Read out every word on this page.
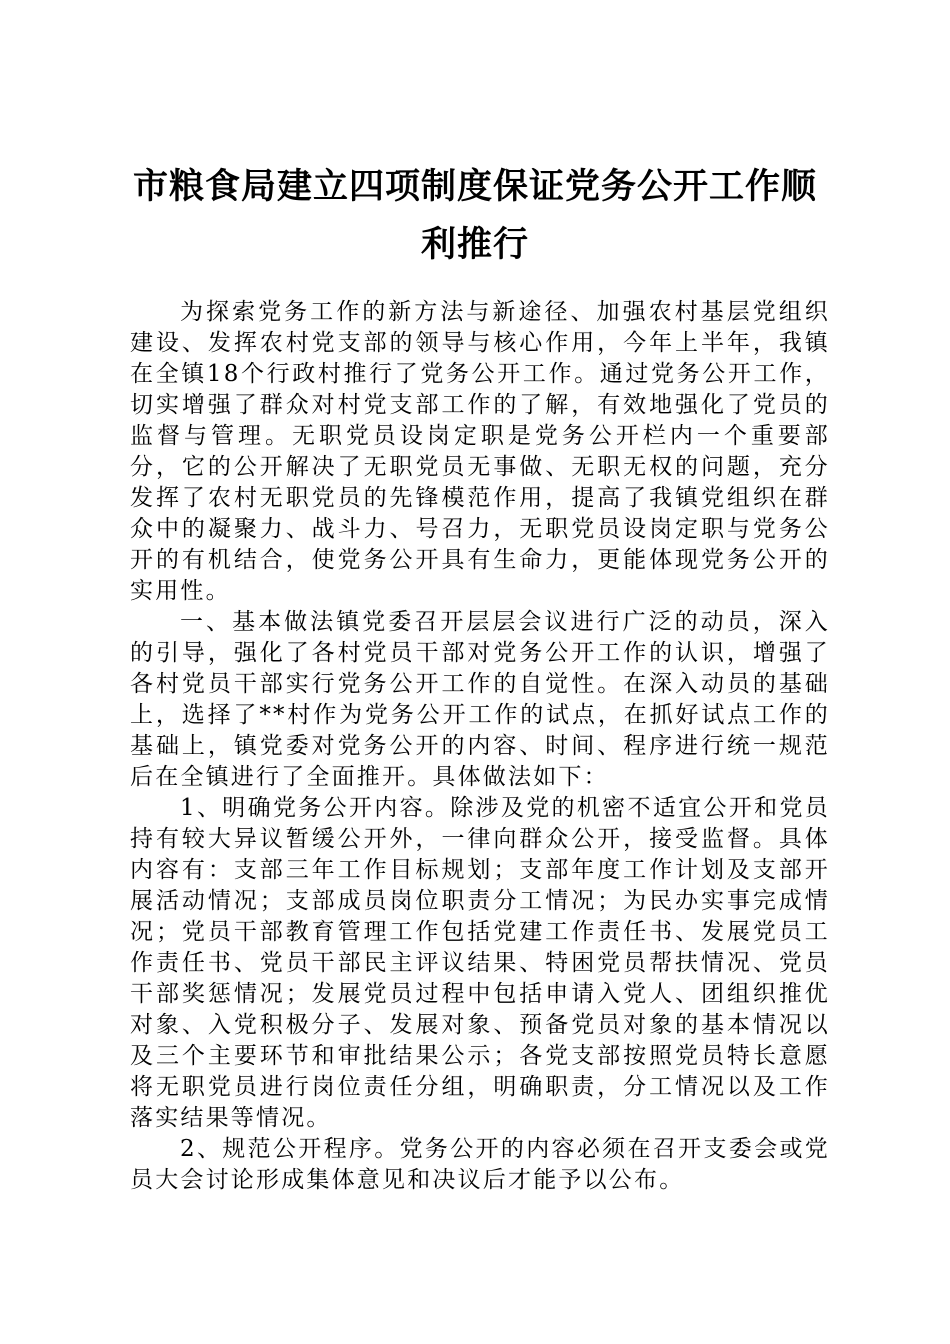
市粮食局建立四项制度保证党务公开工作顺利推行

为探索党务工作的新方法与新途径、加强农村基层党组织建设、发挥农村党支部的领导与核心作用，今年上半年，我镇在全镇18个行政村推行了党务公开工作。通过党务公开工作，切实增强了群众对村党支部工作的了解，有效地强化了党员的监督与管理。无职党员设岗定职是党务公开栏内一个重要部分，它的公开解决了无职党员无事做、无职无权的问题，充分发挥了农村无职党员的先锋模范作用，提高了我镇党组织在群众中的凝聚力、战斗力、号召力，无职党员设岗定职与党务公开的有机结合，使党务公开具有生命力，更能体现党务公开的实用性。

一、基本做法镇党委召开层层会议进行广泛的动员，深入的引导，强化了各村党员干部对党务公开工作的认识，增强了各村党员干部实行党务公开工作的自觉性。在深入动员的基础上，选择了**村作为党务公开工作的试点，在抓好试点工作的基础上，镇党委对党务公开的内容、时间、程序进行统一规范后在全镇进行了全面推开。具体做法如下：

1、明确党务公开内容。除涉及党的机密不适宜公开和党员持有较大异议暂缓公开外，一律向群众公开，接受监督。具体内容有：支部三年工作目标规划；支部年度工作计划及支部开展活动情况；支部成员岗位职责分工情况；为民办实事完成情况；党员干部教育管理工作包括党建工作责任书、发展党员工作责任书、党员干部民主评议结果、特困党员帮扶情况、党员干部奖惩情况；发展党员过程中包括申请入党人、团组织推优对象、入党积极分子、发展对象、预备党员对象的基本情况以及三个主要环节和审批结果公示；各党支部按照党员特长意愿将无职党员进行岗位责任分组，明确职责，分工情况以及工作落实结果等情况。

2、规范公开程序。党务公开的内容必须在召开支委会或党员大会讨论形成集体意见和决议后才能予以公布。
